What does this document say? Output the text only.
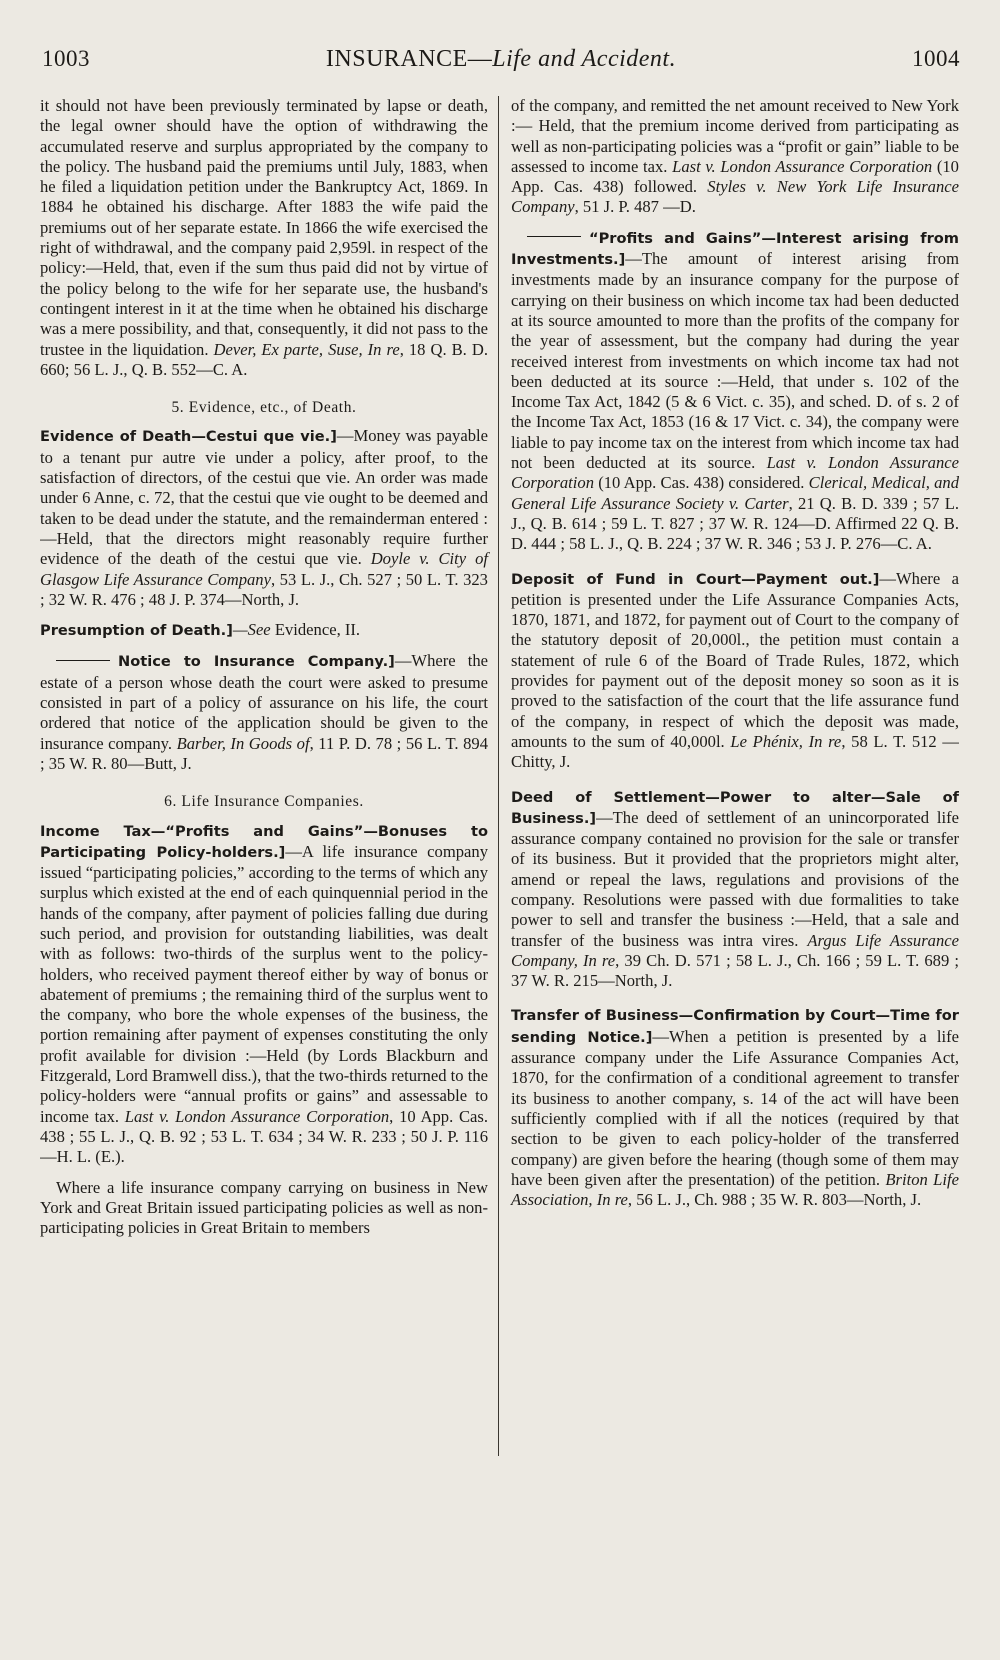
1003	INSURANCE—Life and Accident.	1004

it should not have been previously terminated by lapse or death, the legal owner should have the option of withdrawing the accumulated reserve and surplus appropriated by the company to the policy. The husband paid the premiums until July, 1883, when he filed a liquidation petition under the Bankruptcy Act, 1869. In 1884 he obtained his discharge. After 1883 the wife paid the premiums out of her separate estate. In 1866 the wife exercised the right of withdrawal, and the company paid 2,959l. in respect of the policy:—Held, that, even if the sum thus paid did not by virtue of the policy belong to the wife for her separate use, the husband's contingent interest in it at the time when he obtained his discharge was a mere possibility, and that, consequently, it did not pass to the trustee in the liquidation. Dever, Ex parte, Suse, In re, 18 Q. B. D. 660; 56 L. J., Q. B. 552—C. A.

5. Evidence, etc., of Death.

Evidence of Death—Cestui que vie.]—Money was payable to a tenant pur autre vie under a policy, after proof, to the satisfaction of directors, of the cestui que vie. An order was made under 6 Anne, c. 72, that the cestui que vie ought to be deemed and taken to be dead under the statute, and the remainderman entered :—Held, that the directors might reasonably require further evidence of the death of the cestui que vie. Doyle v. City of Glasgow Life Assurance Company, 53 L. J., Ch. 527 ; 50 L. T. 323 ; 32 W. R. 476 ; 48 J. P. 374—North, J.

Presumption of Death.]—See Evidence, II.

Notice to Insurance Company.]—Where the estate of a person whose death the court were asked to presume consisted in part of a policy of assurance on his life, the court ordered that notice of the application should be given to the insurance company. Barber, In Goods of, 11 P. D. 78 ; 56 L. T. 894 ; 35 W. R. 80—Butt, J.

6. Life Insurance Companies.

Income Tax—“Profits and Gains”—Bonuses to Participating Policy-holders.]—A life insurance company issued “participating policies,” according to the terms of which any surplus which existed at the end of each quinquennial period in the hands of the company, after payment of policies falling due during such period, and provision for outstanding liabilities, was dealt with as follows: two-thirds of the surplus went to the policy-holders, who received payment thereof either by way of bonus or abatement of premiums ; the remaining third of the surplus went to the company, who bore the whole expenses of the business, the portion remaining after payment of expenses constituting the only profit available for division :—Held (by Lords Blackburn and Fitzgerald, Lord Bramwell diss.), that the two-thirds returned to the policy-holders were “annual profits or gains” and assessable to income tax. Last v. London Assurance Corporation, 10 App. Cas. 438 ; 55 L. J., Q. B. 92 ; 53 L. T. 634 ; 34 W. R. 233 ; 50 J. P. 116—H. L. (E.).

Where a life insurance company carrying on business in New York and Great Britain issued participating policies as well as non-participating policies in Great Britain to members

of the company, and remitted the net amount received to New York :— Held, that the premium income derived from participating as well as non-participating policies was a “profit or gain” liable to be assessed to income tax. Last v. London Assurance Corporation (10 App. Cas. 438) followed. Styles v. New York Life Insurance Company, 51 J. P. 487 —D.

“Profits and Gains”—Interest arising from Investments.]—The amount of interest arising from investments made by an insurance company for the purpose of carrying on their business on which income tax had been deducted at its source amounted to more than the profits of the company for the year of assessment, but the company had during the year received interest from investments on which income tax had not been deducted at its source :—Held, that under s. 102 of the Income Tax Act, 1842 (5 & 6 Vict. c. 35), and sched. D. of s. 2 of the Income Tax Act, 1853 (16 & 17 Vict. c. 34), the company were liable to pay income tax on the interest from which income tax had not been deducted at its source. Last v. London Assurance Corporation (10 App. Cas. 438) considered. Clerical, Medical, and General Life Assurance Society v. Carter, 21 Q. B. D. 339 ; 57 L. J., Q. B. 614 ; 59 L. T. 827 ; 37 W. R. 124—D. Affirmed 22 Q. B. D. 444 ; 58 L. J., Q. B. 224 ; 37 W. R. 346 ; 53 J. P. 276—C. A.

Deposit of Fund in Court—Payment out.]—Where a petition is presented under the Life Assurance Companies Acts, 1870, 1871, and 1872, for payment out of Court to the company of the statutory deposit of 20,000l., the petition must contain a statement of rule 6 of the Board of Trade Rules, 1872, which provides for payment out of the deposit money so soon as it is proved to the satisfaction of the court that the life assurance fund of the company, in respect of which the deposit was made, amounts to the sum of 40,000l. Le Phénix, In re, 58 L. T. 512 —Chitty, J.

Deed of Settlement—Power to alter—Sale of Business.]—The deed of settlement of an unincorporated life assurance company contained no provision for the sale or transfer of its business. But it provided that the proprietors might alter, amend or repeal the laws, regulations and provisions of the company. Resolutions were passed with due formalities to take power to sell and transfer the business :—Held, that a sale and transfer of the business was intra vires. Argus Life Assurance Company, In re, 39 Ch. D. 571 ; 58 L. J., Ch. 166 ; 59 L. T. 689 ; 37 W. R. 215—North, J.

Transfer of Business—Confirmation by Court—Time for sending Notice.]—When a petition is presented by a life assurance company under the Life Assurance Companies Act, 1870, for the confirmation of a conditional agreement to transfer its business to another company, s. 14 of the act will have been sufficiently complied with if all the notices (required by that section to be given to each policy-holder of the transferred company) are given before the hearing (though some of them may have been given after the presentation) of the petition. Briton Life Association, In re, 56 L. J., Ch. 988 ; 35 W. R. 803—North, J.
